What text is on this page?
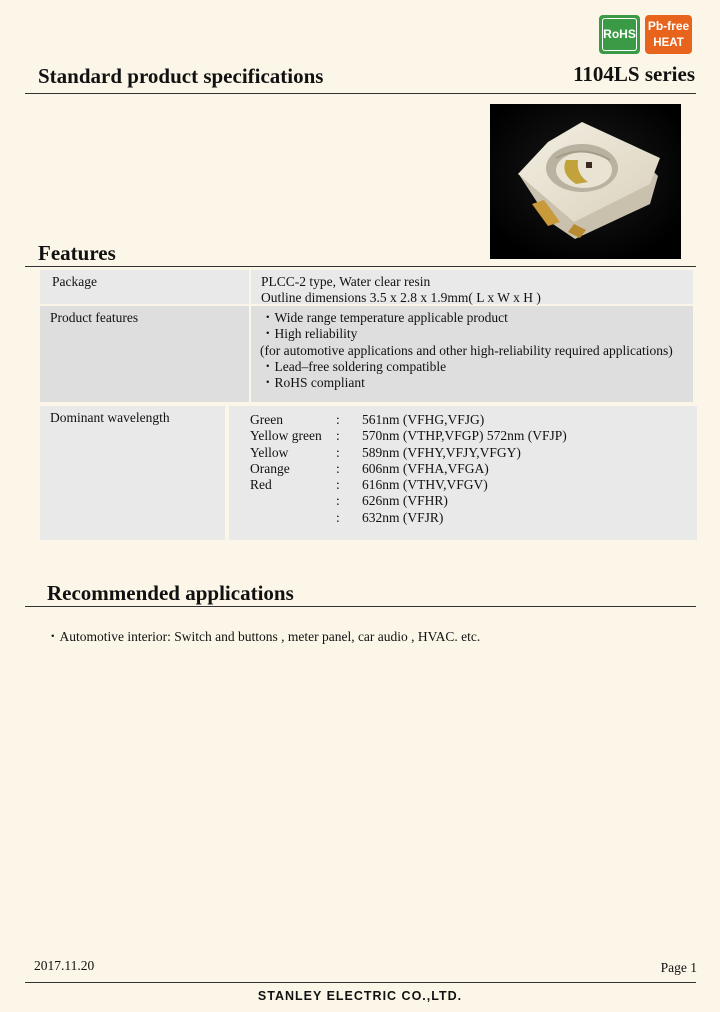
RoHS
Pb-free
HEAT
Standard product specifications	1104LS series
Features
Package	PLCC-2 type, Water clear resin
Outline dimensions 3.5 x 2.8 x 1.9mm( L x W x H )
Product features	・Wide range temperature applicable product
・High reliability
(for automotive applications and other high-reliability required applications)
・Lead–free soldering compatible
・RoHS compliant
Dominant wavelength	Green	:	561nm (VFHG,VFJG)
Yellow green	:	570nm (VTHP,VFGP) 572nm (VFJP)
Yellow	:	589nm (VFHY,VFJY,VFGY)
Orange	:	606nm (VFHA,VFGA)
Red	:	616nm (VTHV,VFGV)
:	626nm (VFHR)
:	632nm (VFJR)
Recommended applications
・Automotive interior: Switch and buttons , meter panel, car audio , HVAC. etc.
2017.11.20	Page 1
STANLEY ELECTRIC CO.,LTD.
